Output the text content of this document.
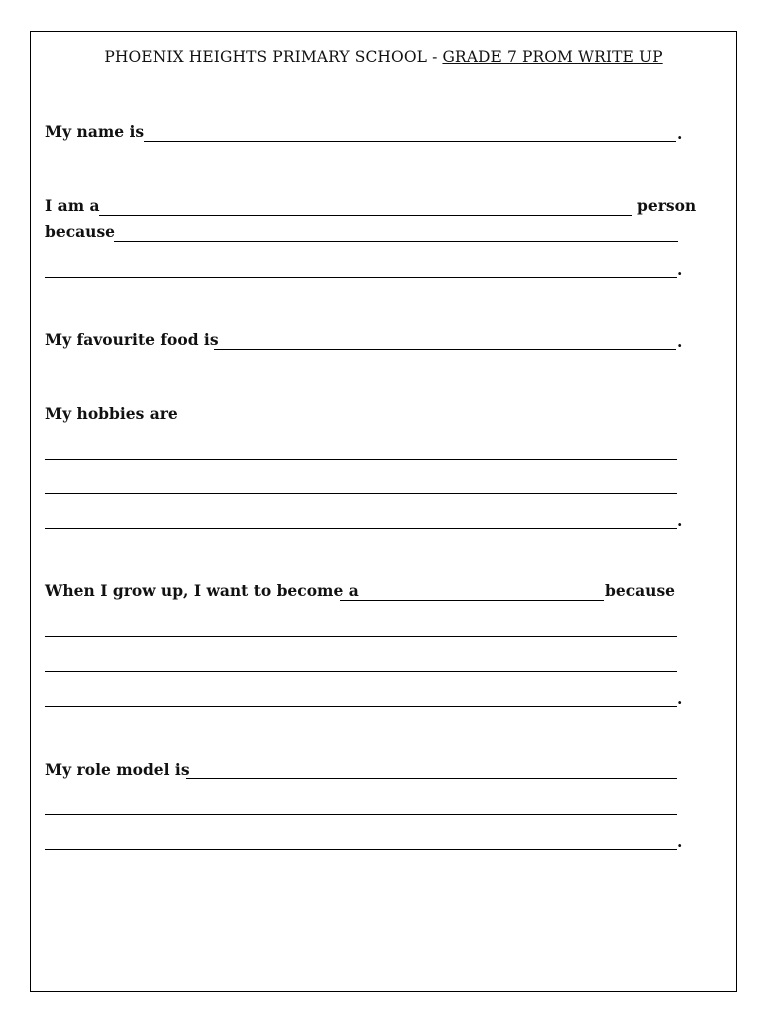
PHOENIX HEIGHTS PRIMARY SCHOOL - GRADE 7 PROM WRITE UP
My name is	.
I am a	person
because
.
My favourite food is	.
My hobbies are
.
When I grow up, I want to become a	because
.
My role model is
.
